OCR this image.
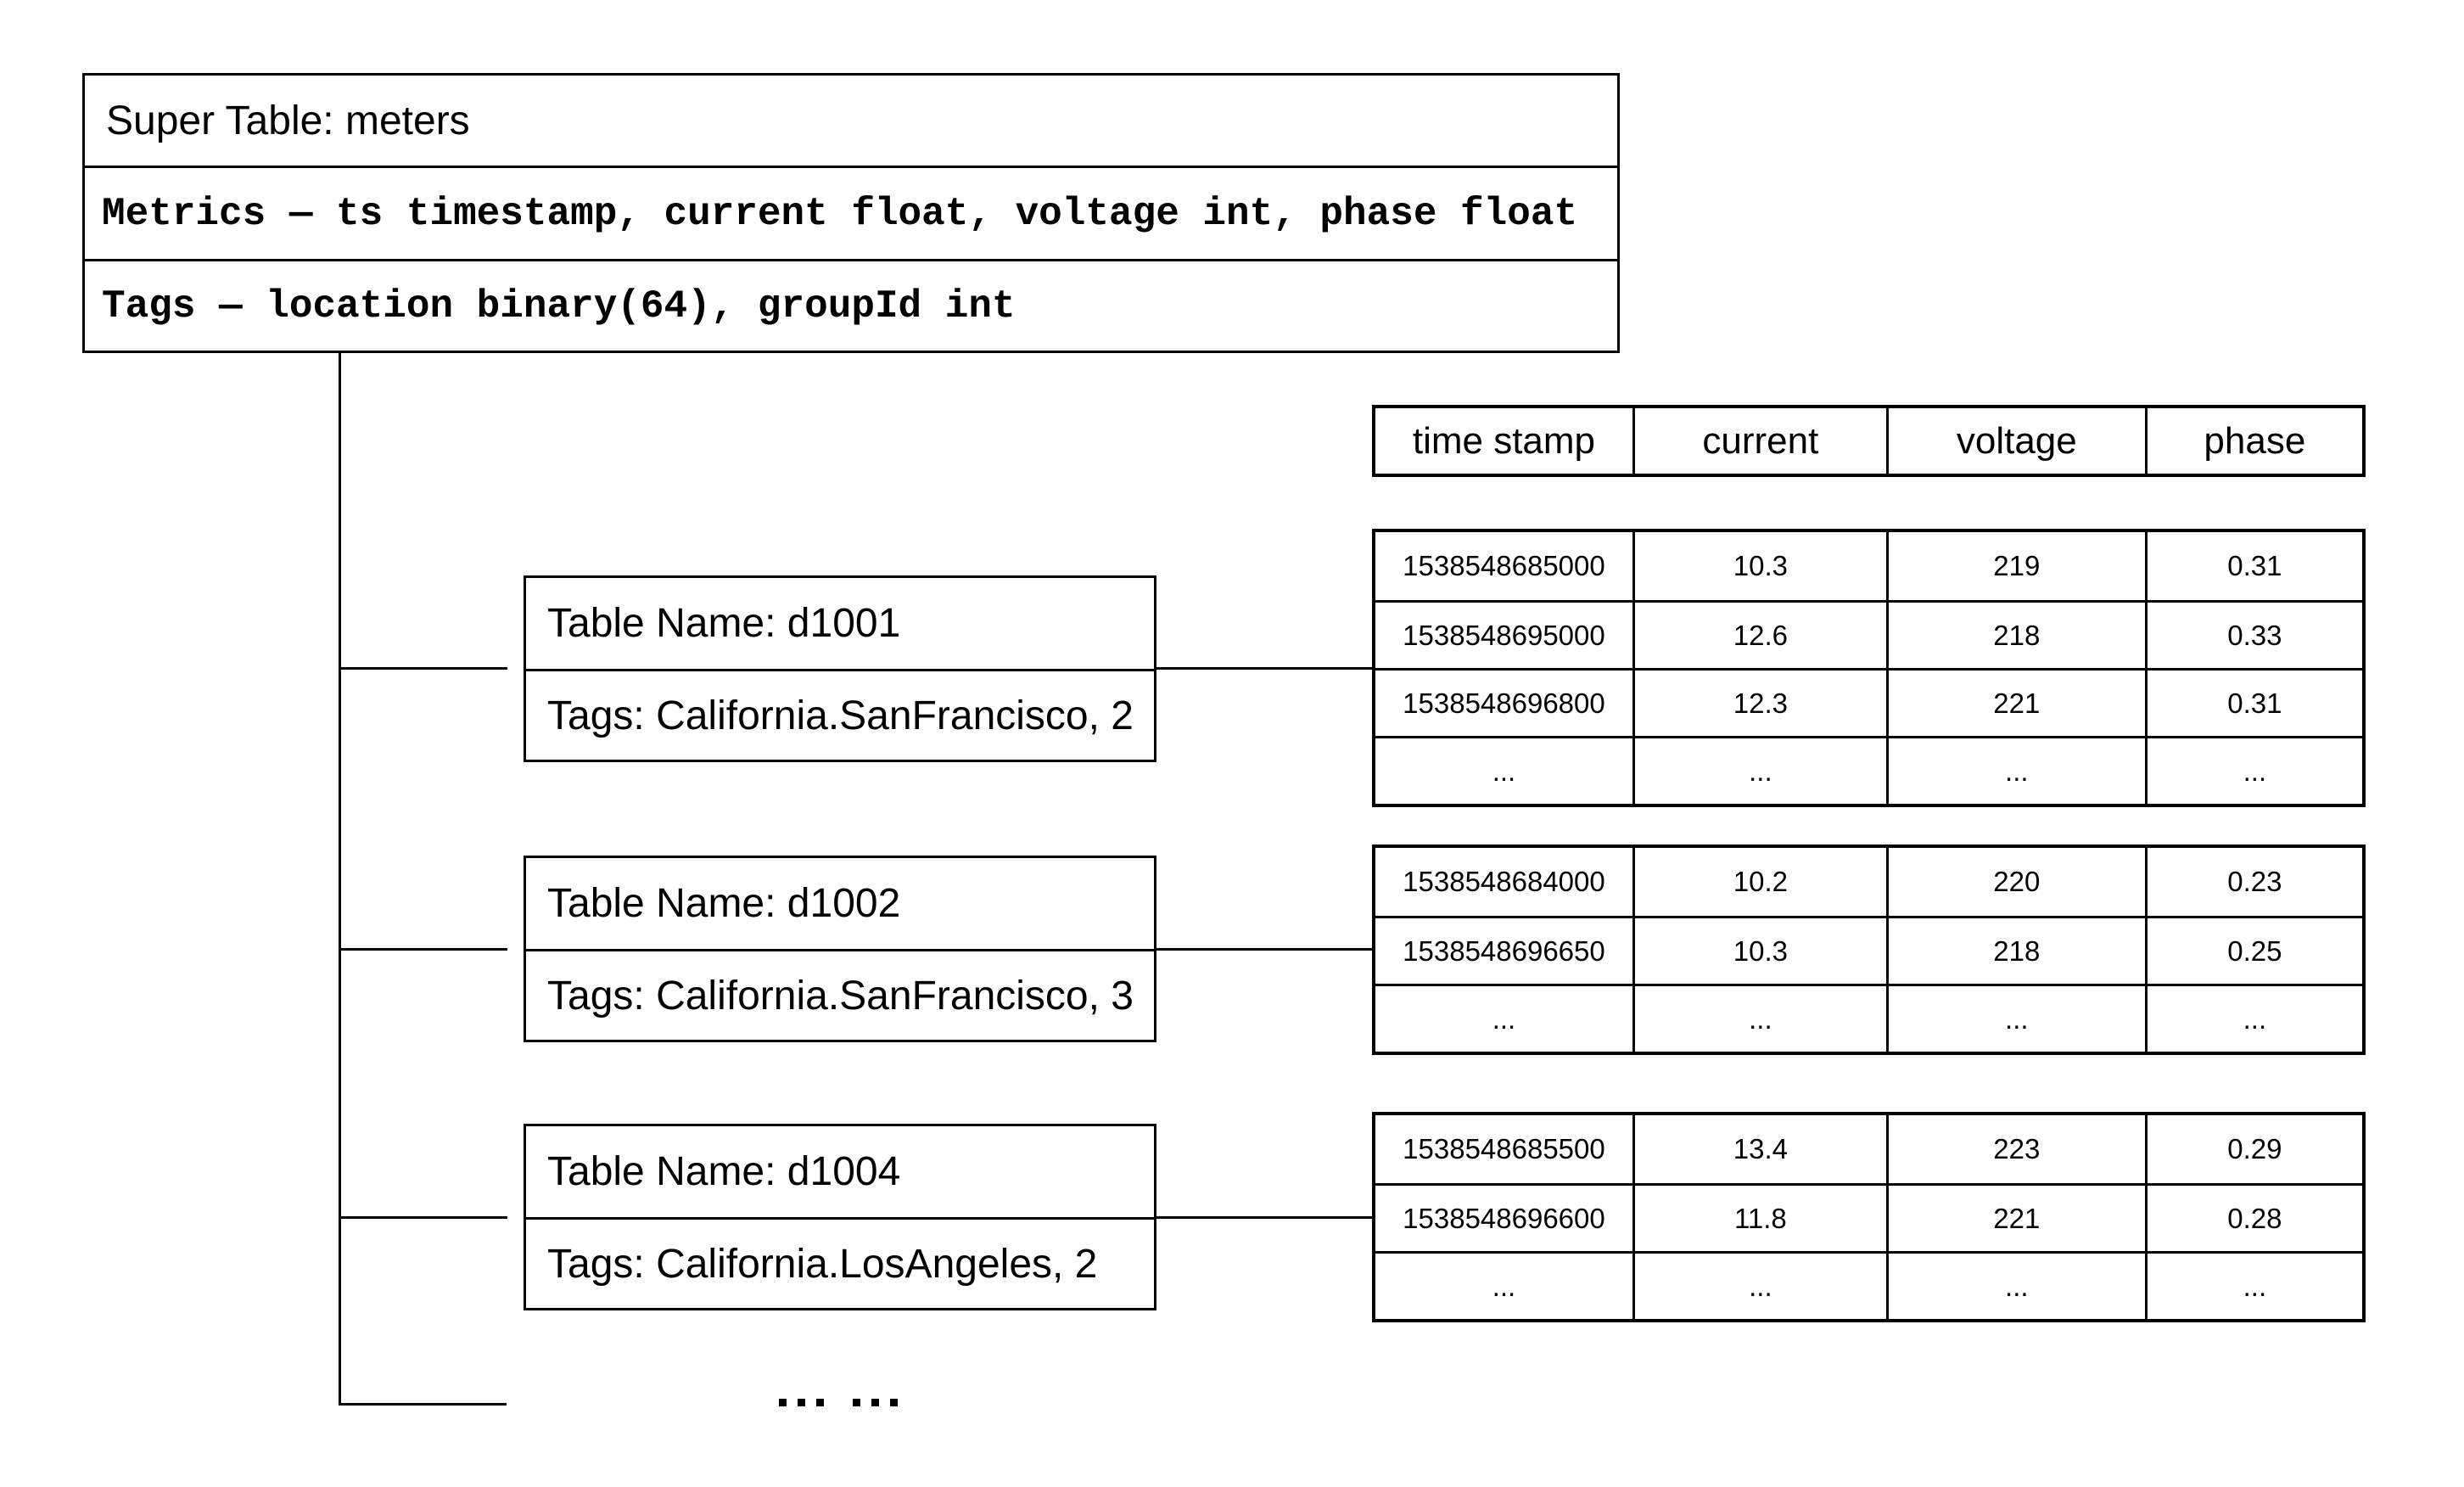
Super Table: meters
Metrics — ts timestamp, current float, voltage int, phase float
Tags — location binary(64), groupId int
Table Name: d1001
Tags: California.SanFrancisco, 2
Table Name: d1002
Tags: California.SanFrancisco, 3
Table Name: d1004
Tags: California.LosAngeles, 2
time stamp	current	voltage	phase
1538548685000	10.3	219	0.31
1538548695000	12.6	218	0.33
1538548696800	12.3	221	0.31
...	...	...	...
1538548684000	10.2	220	0.23
1538548696650	10.3	218	0.25
...	...	...	...
1538548685500	13.4	223	0.29
1538548696600	11.8	221	0.28
...	...	...	...
